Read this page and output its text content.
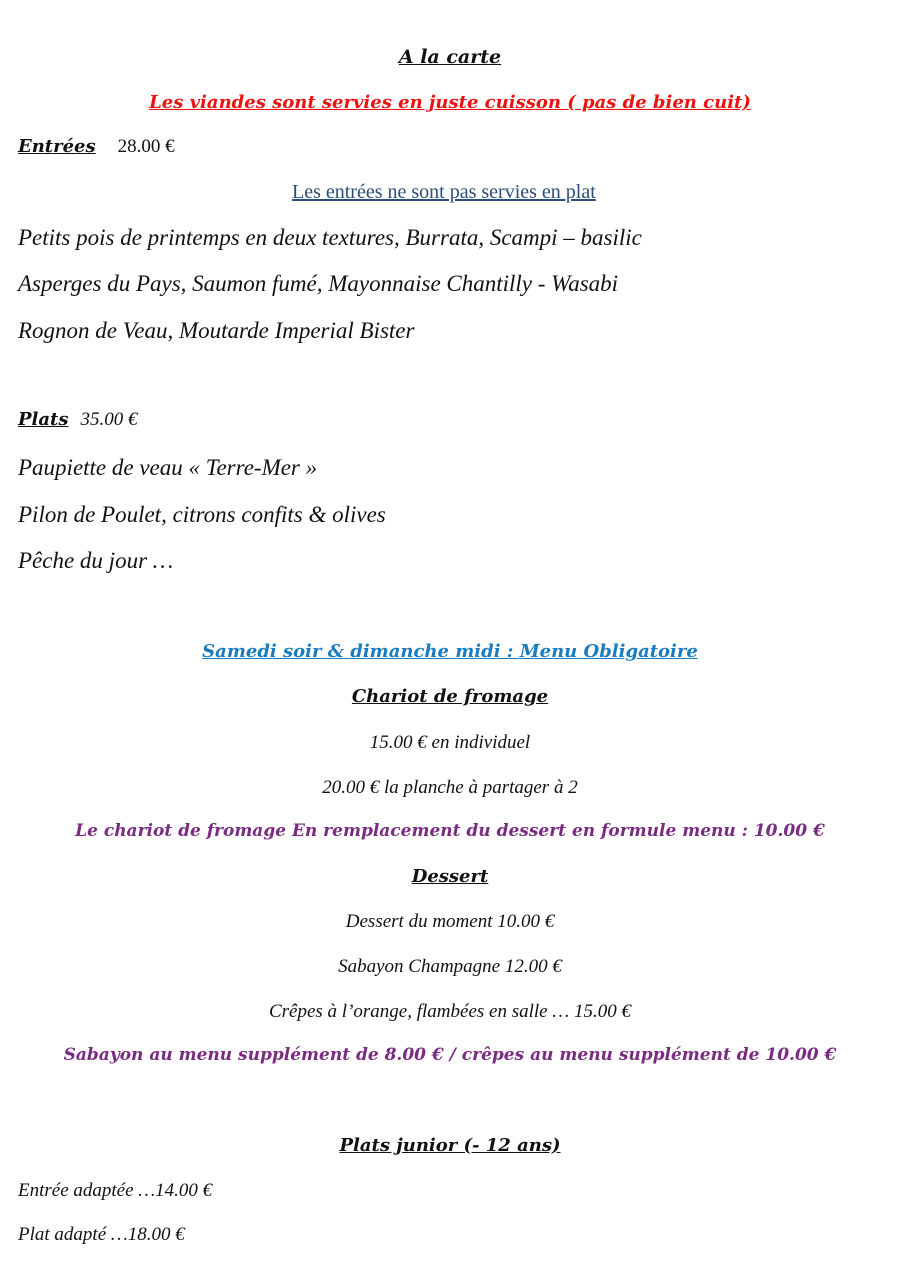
A la carte
Les viandes sont servies en juste cuisson ( pas de bien cuit)
Entrées 28.00 €
Les entrées ne sont pas servies en plat
Petits pois de printemps en deux textures, Burrata, Scampi – basilic
Asperges du Pays, Saumon fumé, Mayonnaise Chantilly - Wasabi
Rognon de Veau, Moutarde Imperial Bister
Plats 35.00 €
Paupiette de veau « Terre-Mer »
Pilon de Poulet, citrons confits & olives
Pêche du jour …
Samedi soir & dimanche midi : Menu Obligatoire
Chariot de fromage
15.00 € en individuel
20.00 € la planche à partager à 2
Le chariot de fromage En remplacement du dessert en formule menu : 10.00 €
Dessert
Dessert du moment 10.00 €
Sabayon Champagne 12.00 €
Crêpes à l’orange, flambées en salle … 15.00 €
Sabayon au menu supplément de 8.00 € / crêpes au menu supplément de 10.00 €
Plats junior (- 12 ans)
Entrée adaptée …14.00 €
Plat adapté …18.00 €
